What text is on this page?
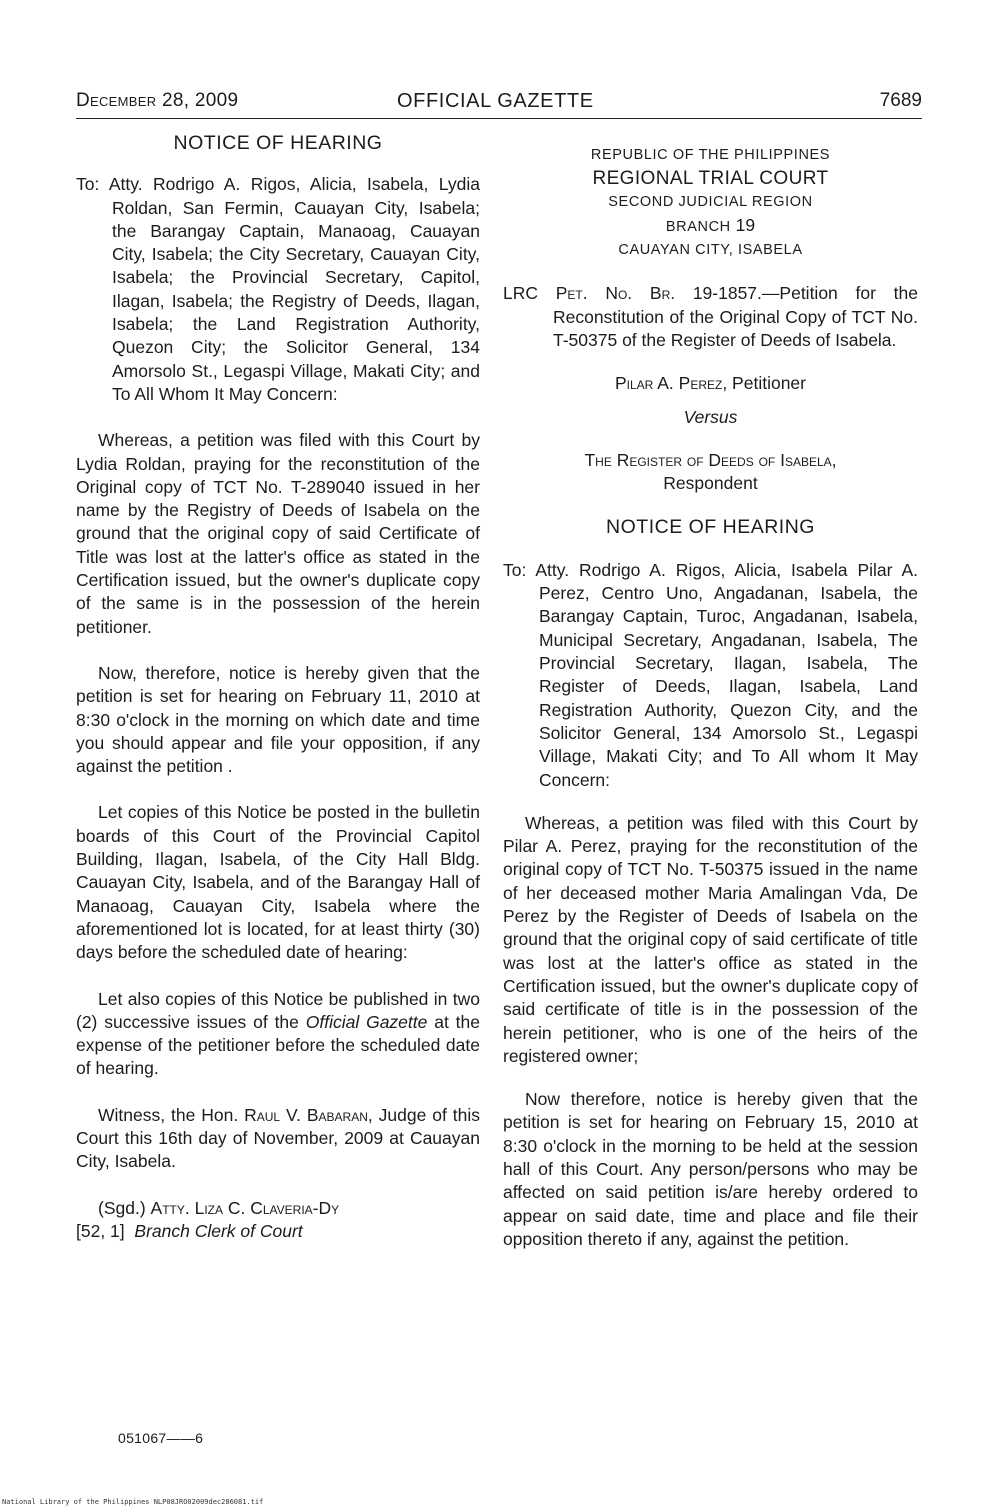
December 28, 2009	OFFICIAL GAZETTE	7689
NOTICE OF HEARING

To: Atty. Rodrigo A. Rigos, Alicia, Isabela, Lydia Roldan, San Fermin, Cauayan City, Isabela; the Barangay Captain, Manaoag, Cauayan City, Isabela; the City Secretary, Cauayan City, Isabela; the Provincial Secretary, Capitol, Ilagan, Isabela; the Registry of Deeds, Ilagan, Isabela; the Land Registration Authority, Quezon City; the Solicitor General, 134 Amorsolo St., Legaspi Village, Makati City; and To All Whom It May Concern:

Whereas, a petition was filed with this Court by Lydia Roldan, praying for the reconstitution of the Original copy of TCT No. T-289040 issued in her name by the Registry of Deeds of Isabela on the ground that the original copy of said Certificate of Title was lost at the latter's office as stated in the Certification issued, but the owner's duplicate copy of the same is in the possession of the herein petitioner.

Now, therefore, notice is hereby given that the petition is set for hearing on February 11, 2010 at 8:30 o'clock in the morning on which date and time you should appear and file your opposition, if any against the petition .

Let copies of this Notice be posted in the bulletin boards of this Court of the Provincial Capitol Building, Ilagan, Isabela, of the City Hall Bldg. Cauayan City, Isabela, and of the Barangay Hall of Manaoag, Cauayan City, Isabela where the aforementioned lot is located, for at least thirty (30) days before the scheduled date of hearing:

Let also copies of this Notice be published in two (2) successive issues of the Official Gazette at the expense of the petitioner before the scheduled date of hearing.

Witness, the Hon. Raul V. Babaran, Judge of this Court this 16th day of November, 2009 at Cauayan City, Isabela.

(Sgd.) Atty. Liza C. Claveria-Dy

[52, 1] Branch Clerk of Court

REPUBLIC OF THE PHILIPPINES

REGIONAL TRIAL COURT

SECOND JUDICIAL REGION

BRANCH 19

CAUAYAN CITY, ISABELA

LRC Pet. No. Br. 19-1857.—Petition for the Reconstitution of the Original Copy of TCT No. T-50375 of the Register of Deeds of Isabela.

Pilar A. Perez, Petitioner

Versus

The Register of Deeds of Isabela,

Respondent

NOTICE OF HEARING

To: Atty. Rodrigo A. Rigos, Alicia, Isabela Pilar A. Perez, Centro Uno, Angadanan, Isabela, the Barangay Captain, Turoc, Angadanan, Isabela, Municipal Secretary, Angadanan, Isabela, The Provincial Secretary, Ilagan, Isabela, The Register of Deeds, Ilagan, Isabela, Land Registration Authority, Quezon City, and the Solicitor General, 134 Amorsolo St., Legaspi Village, Makati City; and To All whom It May Concern:

Whereas, a petition was filed with this Court by Pilar A. Perez, praying for the reconstitution of the original copy of TCT No. T-50375 issued in the name of her deceased mother Maria Amalingan Vda, De Perez by the Register of Deeds of Isabela on the ground that the original copy of said certificate of title was lost at the latter's office as stated in the Certification issued, but the owner's duplicate copy of said certificate of title is in the possession of the herein petitioner, who is one of the heirs of the registered owner;

Now therefore, notice is hereby given that the petition is set for hearing on February 15, 2010 at 8:30 o'clock in the morning to be held at the session hall of this Court. Any person/persons who may be affected on said petition is/are hereby ordered to appear on said date, time and place and file their opposition thereto if any, against the petition.

051067——6
National Library of the Philippines NLP08JRO02009dec286081.tif
